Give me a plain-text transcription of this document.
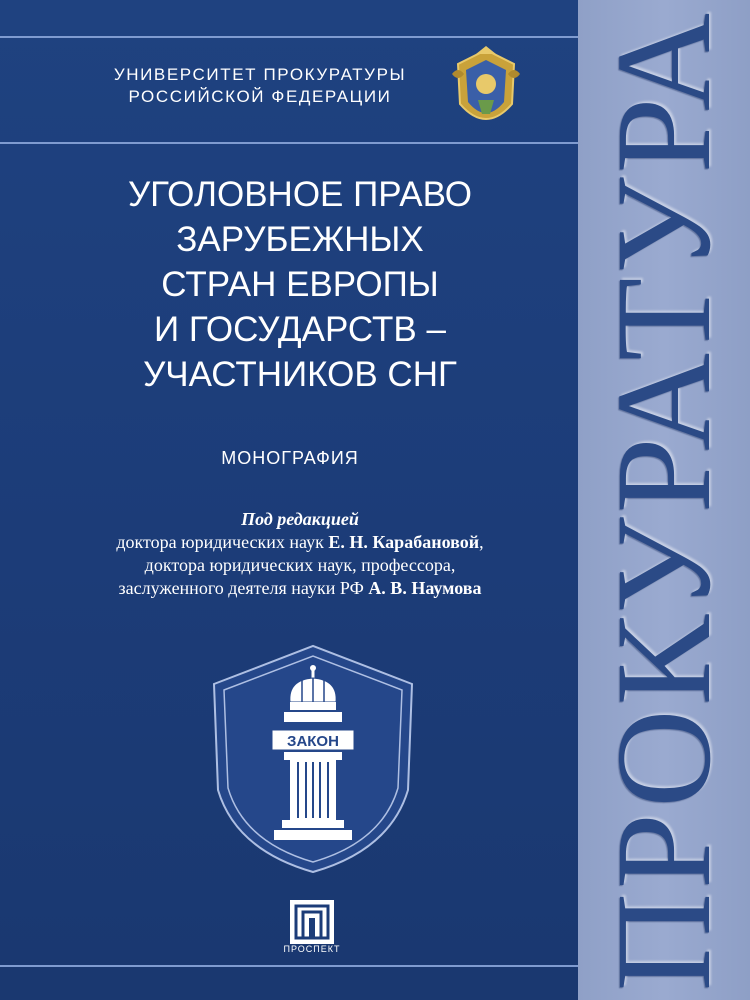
УНИВЕРСИТЕТ ПРОКУРАТУРЫ
РОССИЙСКОЙ ФЕДЕРАЦИИ
УГОЛОВНОЕ ПРАВО
ЗАРУБЕЖНЫХ
СТРАН ЕВРОПЫ
И ГОСУДАРСТВ –
УЧАСТНИКОВ СНГ
МОНОГРАФИЯ
Под редакцией
доктора юридических наук Е. Н. Карабановой,
доктора юридических наук, профессора,
заслуженного деятеля науки РФ А. В. Наумова
ЗАКОН
ПРОСПЕКТ ПРОКУРАТУРА
